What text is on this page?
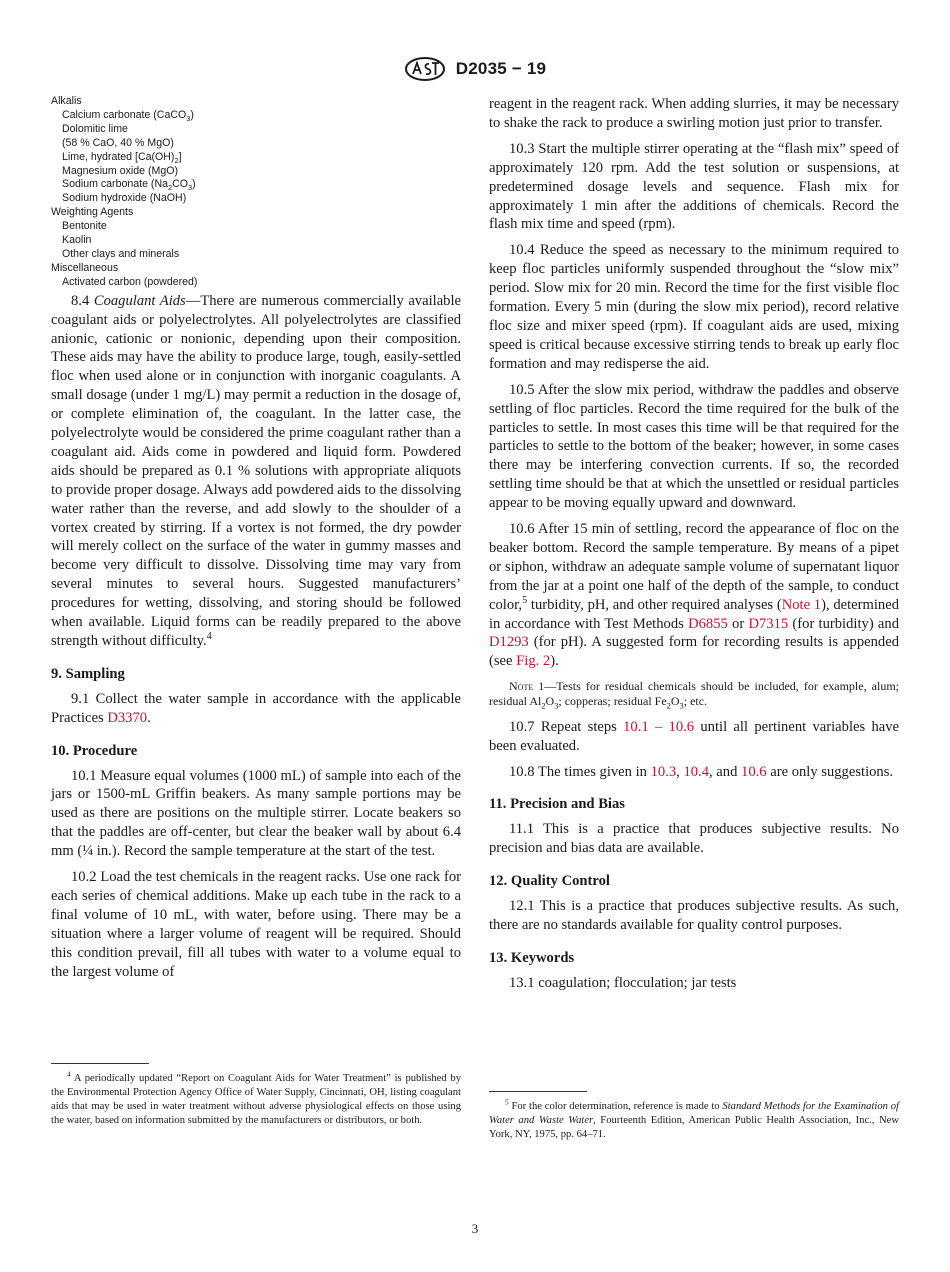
D2035 − 19
Alkalis
Calcium carbonate (CaCO$_3$)
Dolomitic lime
(58 % CaO, 40 % MgO)
Lime, hydrated $[Ca(OH)_2]$
Magnesium oxide (MgO)
Sodium carbonate $(Na_2CO_3)$
Sodium hydroxide (NaOH)
Weighting Agents
Bentonite
Kaolin
Other clays and minerals
Miscellaneous
Activated carbon (powdered)

8.4 Coagulant Aids—There are numerous commercially available coagulant aids or polyelectrolytes. All polyelectrolytes are classified anionic, cationic or nonionic, depending upon their composition. These aids may have the ability to produce large, tough, easily-settled floc when used alone or in conjunction with inorganic coagulants. A small dosage (under 1 mg/L) may permit a reduction in the dosage of, or complete elimination of, the coagulant. In the latter case, the polyelectrolyte would be considered the prime coagulant rather than a coagulant aid. Aids come in powdered and liquid form. Powdered aids should be prepared as 0.1 % solutions with appropriate aliquots to provide proper dosage. Always add powdered aids to the dissolving water rather than the reverse, and add slowly to the shoulder of a vortex created by stirring. If a vortex is not formed, the dry powder will merely collect on the surface of the water in gummy masses and become very difficult to dissolve. Dissolving time may vary from several minutes to several hours. Suggested manufacturers’ procedures for wetting, dissolving, and storing should be followed when available. Liquid forms can be readily prepared to the above strength without difficulty.$^4$

9. Sampling

9.1 Collect the water sample in accordance with the applicable Practices D3370.

10. Procedure

10.1 Measure equal volumes (1000 mL) of sample into each of the jars or 1500-mL Griffin beakers. As many sample portions may be used as there are positions on the multiple stirrer. Locate beakers so that the paddles are off-center, but clear the beaker wall by about 6.4 mm (¼ in.). Record the sample temperature at the start of the test.

10.2 Load the test chemicals in the reagent racks. Use one rack for each series of chemical additions. Make up each tube in the rack to a final volume of 10 mL, with water, before using. There may be a situation where a larger volume of reagent will be required. Should this condition prevail, fill all tubes with water to a volume equal to the largest volume of

$^4$ A periodically updated “Report on Coagulant Aids for Water Treatment” is published by the Environmental Protection Agency Office of Water Supply, Cincinnati, OH, listing coagulant aids that may be used in water treatment without adverse physiological effects on those using the water, based on information submitted by the manufacturers or distributors, or both.

reagent in the reagent rack. When adding slurries, it may be necessary to shake the rack to produce a swirling motion just prior to transfer.

10.3 Start the multiple stirrer operating at the “flash mix” speed of approximately 120 rpm. Add the test solution or suspensions, at predetermined dosage levels and sequence. Flash mix for approximately 1 min after the additions of chemicals. Record the flash mix time and speed (rpm).

10.4 Reduce the speed as necessary to the minimum required to keep floc particles uniformly suspended throughout the “slow mix” period. Slow mix for 20 min. Record the time for the first visible floc formation. Every 5 min (during the slow mix period), record relative floc size and mixer speed (rpm). If coagulant aids are used, mixing speed is critical because excessive stirring tends to break up early floc formation and may redisperse the aid.

10.5 After the slow mix period, withdraw the paddles and observe settling of floc particles. Record the time required for the bulk of the particles to settle. In most cases this time will be that required for the particles to settle to the bottom of the beaker; however, in some cases there may be interfering convection currents. If so, the recorded settling time should be that at which the unsettled or residual particles appear to be moving equally upward and downward.

10.6 After 15 min of settling, record the appearance of floc on the beaker bottom. Record the sample temperature. By means of a pipet or siphon, withdraw an adequate sample volume of supernatant liquor from the jar at a point one half of the depth of the sample, to conduct color,$^5$ turbidity, pH, and other required analyses (Note 1), determined in accordance with Test Methods D6855 or D7315 (for turbidity) and D1293 (for pH). A suggested form for recording results is appended (see Fig. 2).

Note 1—Tests for residual chemicals should be included, for example, alum; residual $Al_2O_3$; copperas; residual $Fe_2O_3$; etc.

10.7 Repeat steps 10.1 – 10.6 until all pertinent variables have been evaluated.

10.8 The times given in 10.3, 10.4, and 10.6 are only suggestions.

11. Precision and Bias

11.1 This is a practice that produces subjective results. No precision and bias data are available.

12. Quality Control

12.1 This is a practice that produces subjective results. As such, there are no standards available for quality control purposes.

13. Keywords

13.1 coagulation; flocculation; jar tests

$^5$ For the color determination, reference is made to Standard Methods for the Examination of Water and Waste Water, Fourteenth Edition, American Public Health Association, Inc., New York, NY, 1975, pp. 64–71.
3
